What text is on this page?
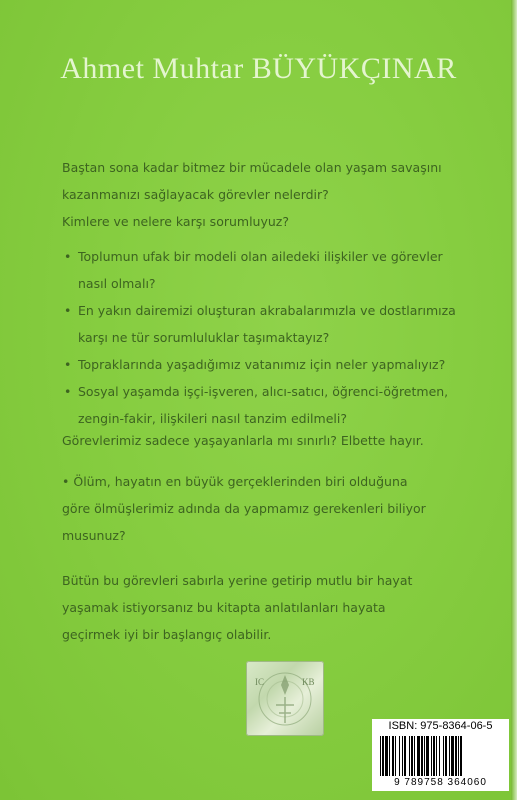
Ahmet Muhtar BÜYÜKÇINAR
Baştan sona kadar bitmez bir mücadele olan yaşam savaşını
kazanmanızı sağlayacak görevler nelerdir?
Kimlere ve nelere karşı sorumluyuz?
• Toplumun ufak bir modeli olan ailedeki ilişkiler ve görevler
nasıl olmalı?
• En yakın dairemizi oluşturan akrabalarımızla ve dostlarımıza
karşı ne tür sorumluluklar taşımaktayız?
• Topraklarında yaşadığımız vatanımız için neler yapmalıyız?
• Sosyal yaşamda işçi-işveren, alıcı-satıcı, öğrenci-öğretmen,
zengin-fakir, ilişkileri nasıl tanzim edilmeli?
Görevlerimiz sadece yaşayanlarla mı sınırlı? Elbette hayır.
• Ölüm, hayatın en büyük gerçeklerinden biri olduğuna
göre ölmüşlerimiz adında da yapmamız gerekenleri biliyor
musunuz?
Bütün bu görevleri sabırla yerine getirip mutlu bir hayat
yaşamak istiyorsanız bu kitapta anlatılanları hayata
geçirmek iyi bir başlangıç olabilir.
IC	KB
ISBN: 975-8364-06-5
9 789758 364060
